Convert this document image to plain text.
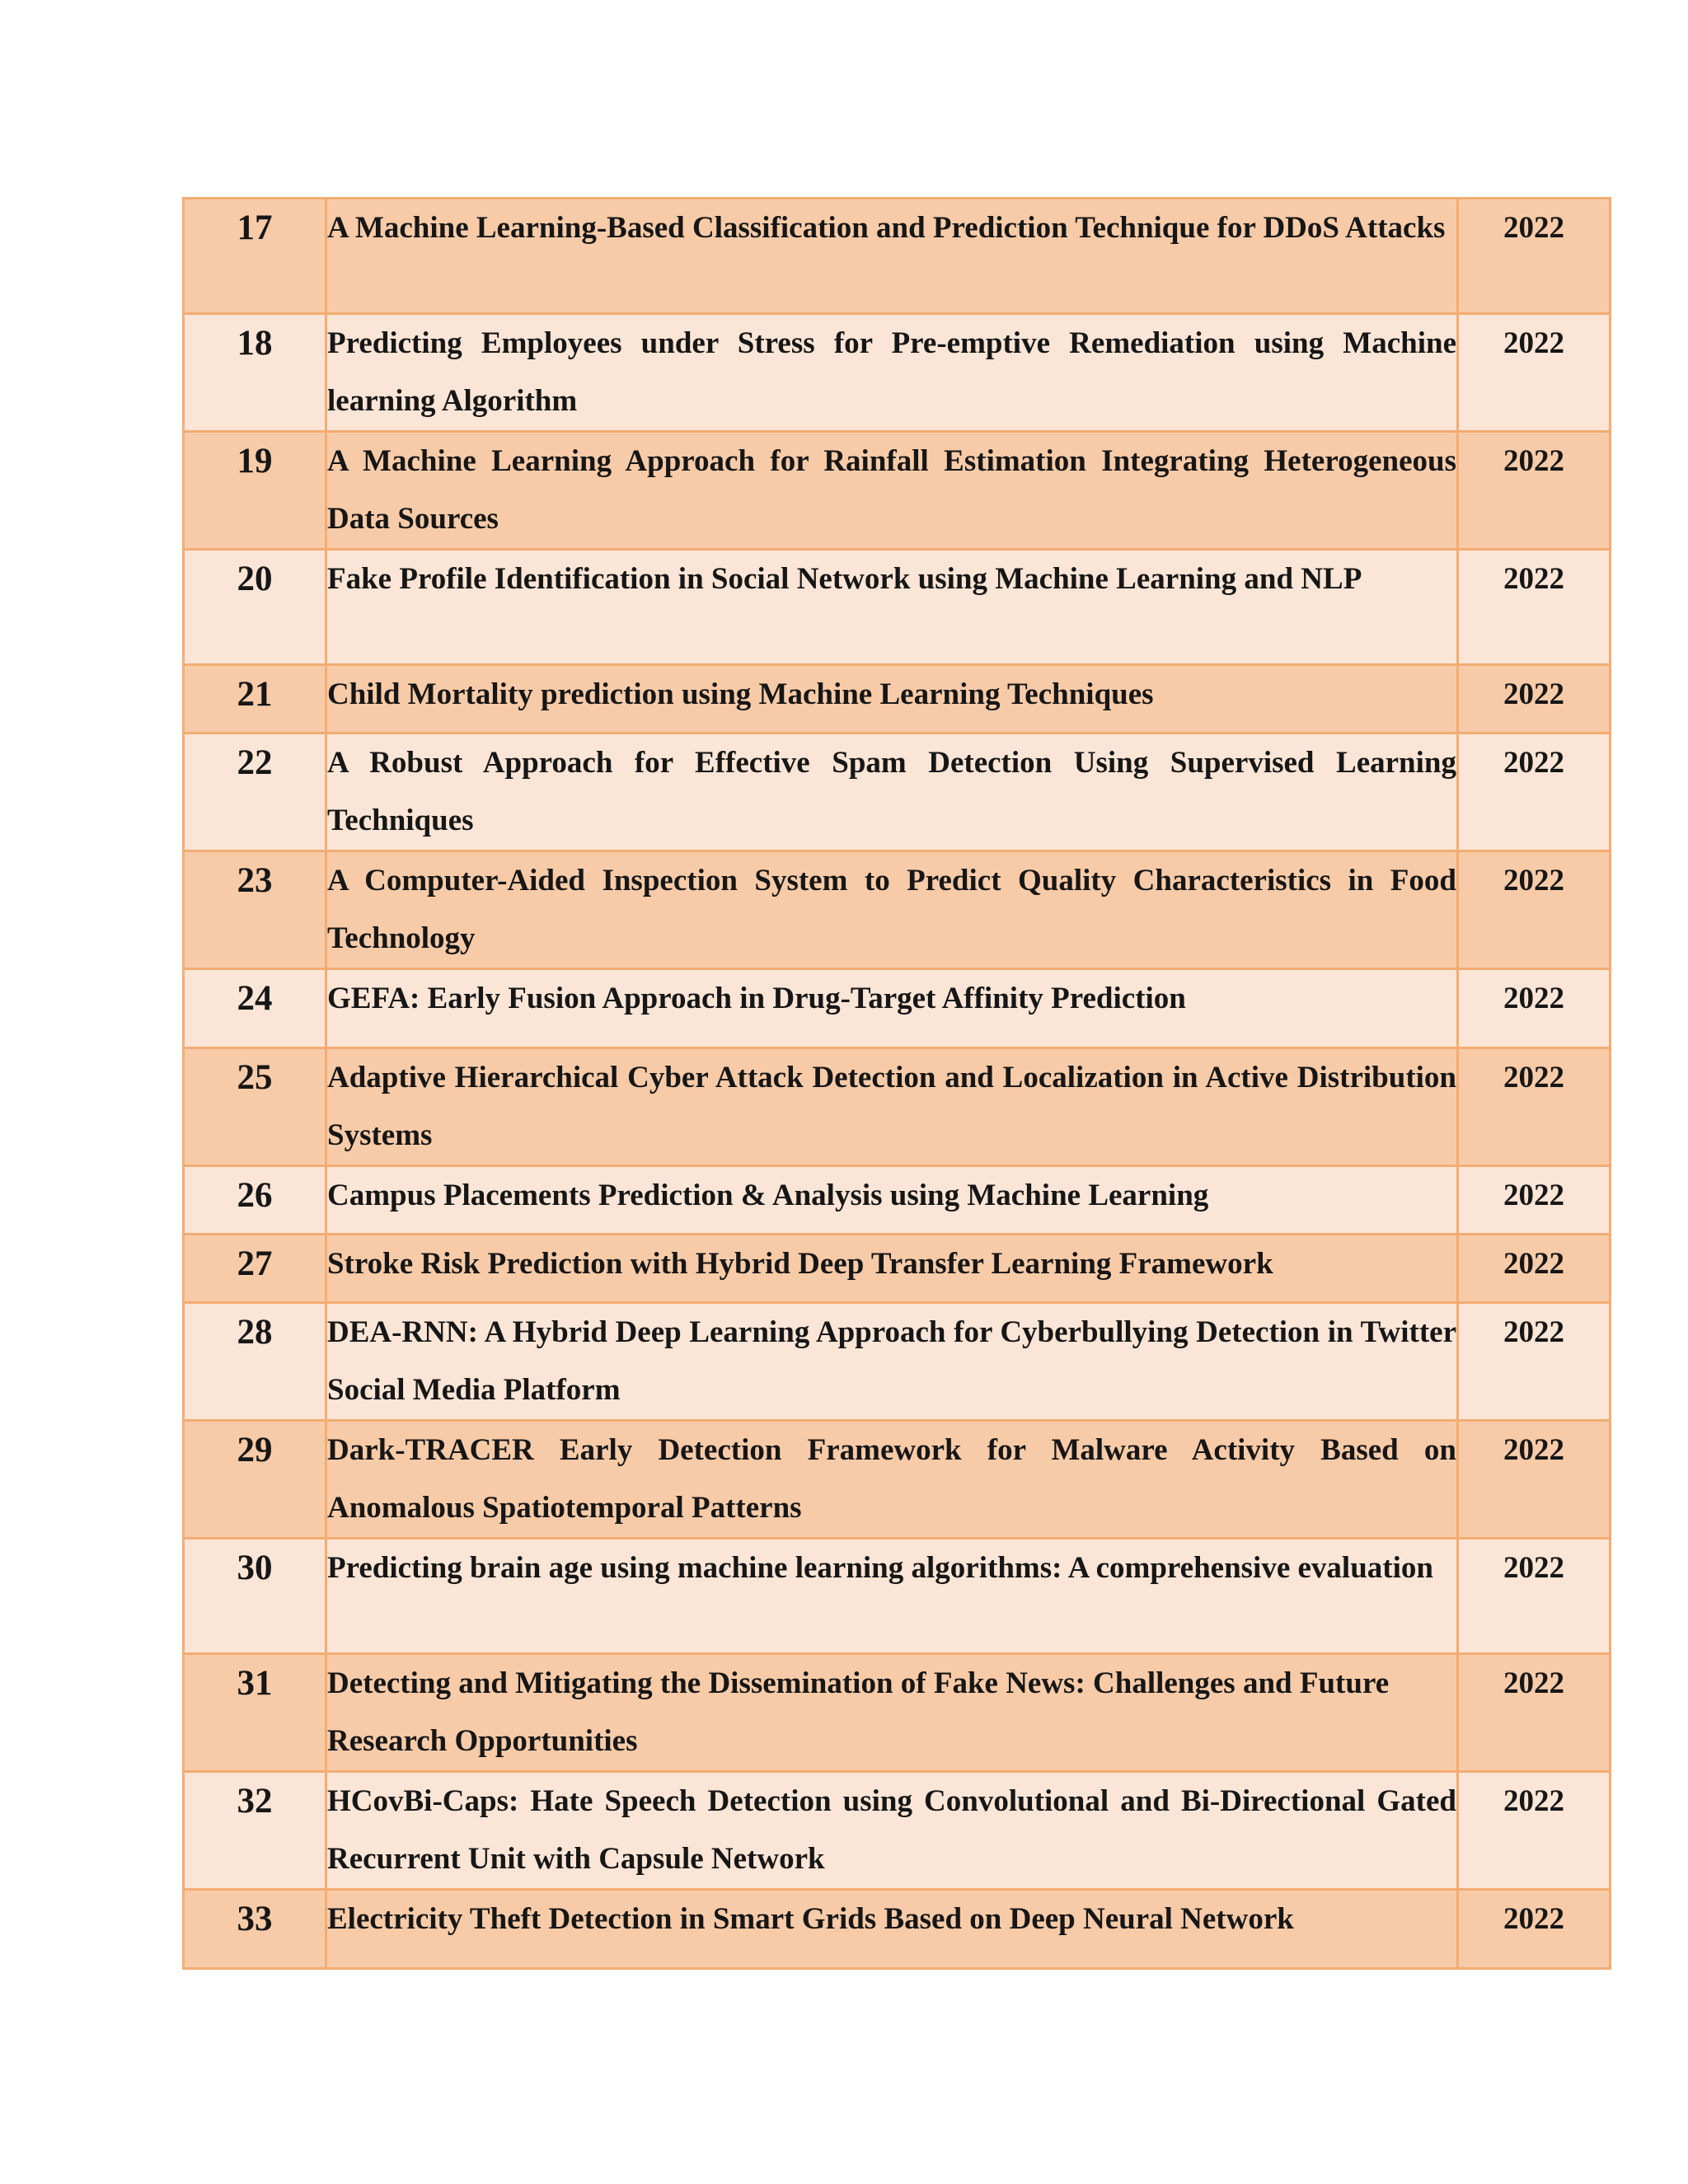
17	A Machine Learning-Based Classification and Prediction Technique for DDoS Attacks	2022
18	Predicting Employees under Stress for Pre-emptive Remediation using Machine learning Algorithm	2022
19	A Machine Learning Approach for Rainfall Estimation Integrating Heterogeneous Data Sources	2022
20	Fake Profile Identification in Social Network using Machine Learning and NLP	2022
21	Child Mortality prediction using Machine Learning Techniques	2022
22	A Robust Approach for Effective Spam Detection Using Supervised Learning Techniques	2022
23	A Computer-Aided Inspection System to Predict Quality Characteristics in Food Technology	2022
24	GEFA: Early Fusion Approach in Drug-Target Affinity Prediction	2022
25	Adaptive Hierarchical Cyber Attack Detection and Localization in Active Distribution Systems	2022
26	Campus Placements Prediction & Analysis using Machine Learning	2022
27	Stroke Risk Prediction with Hybrid Deep Transfer Learning Framework	2022
28	DEA-RNN: A Hybrid Deep Learning Approach for Cyberbullying Detection in Twitter Social Media Platform	2022
29	Dark-TRACER Early Detection Framework for Malware Activity Based on Anomalous Spatiotemporal Patterns	2022
30	Predicting brain age using machine learning algorithms: A comprehensive evaluation	2022
31	Detecting and Mitigating the Dissemination of Fake News: Challenges and Future Research Opportunities	2022
32	HCovBi-Caps: Hate Speech Detection using Convolutional and Bi-Directional Gated Recurrent Unit with Capsule Network	2022
33	Electricity Theft Detection in Smart Grids Based on Deep Neural Network	2022
